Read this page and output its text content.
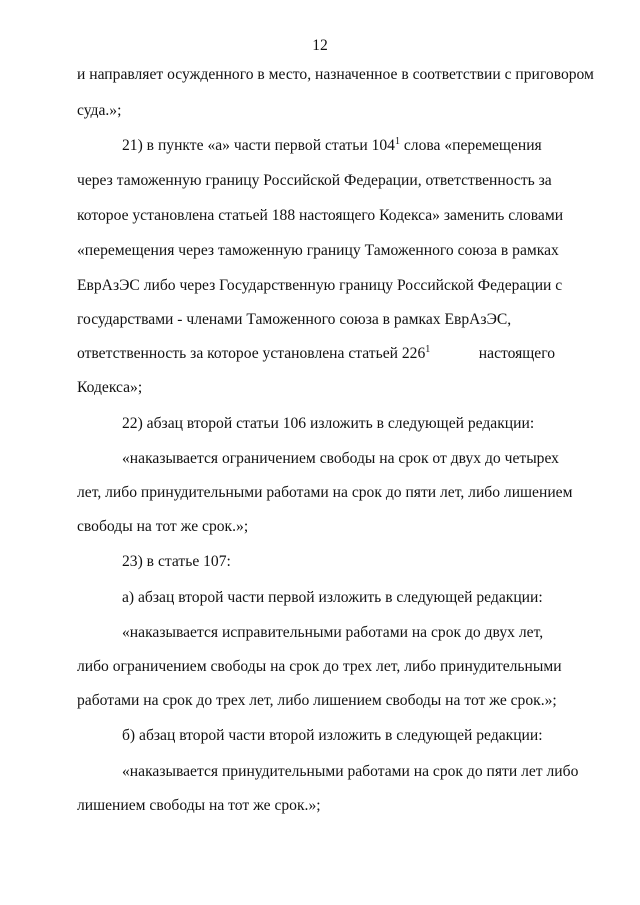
12
и направляет осужденного в место, назначенное в соответствии с приговором
суда.»;
21) в пункте «а» части первой статьи $104^1$ слова «перемещения
через таможенную границу Российской Федерации, ответственность за
которое установлена статьей 188 настоящего Кодекса» заменить словами
«перемещения через таможенную границу Таможенного союза в рамках
ЕврАзЭС либо через Государственную границу Российской Федерации с
государствами - членами Таможенного союза в рамках ЕврАзЭС,
ответственность за которое установлена статьей $226^1$	настоящего
Кодекса»;
22) абзац второй статьи 106 изложить в следующей редакции:
«наказывается ограничением свободы на срок от двух до четырех
лет, либо принудительными работами на срок до пяти лет, либо лишением
свободы на тот же срок.»;
23) в статье 107:
а) абзац второй части первой изложить в следующей редакции:
«наказывается исправительными работами на срок до двух лет,
либо ограничением свободы на срок до трех лет, либо принудительными
работами на срок до трех лет, либо лишением свободы на тот же срок.»;
б) абзац второй части второй изложить в следующей редакции:
«наказывается принудительными работами на срок до пяти лет либо
лишением свободы на тот же срок.»;
